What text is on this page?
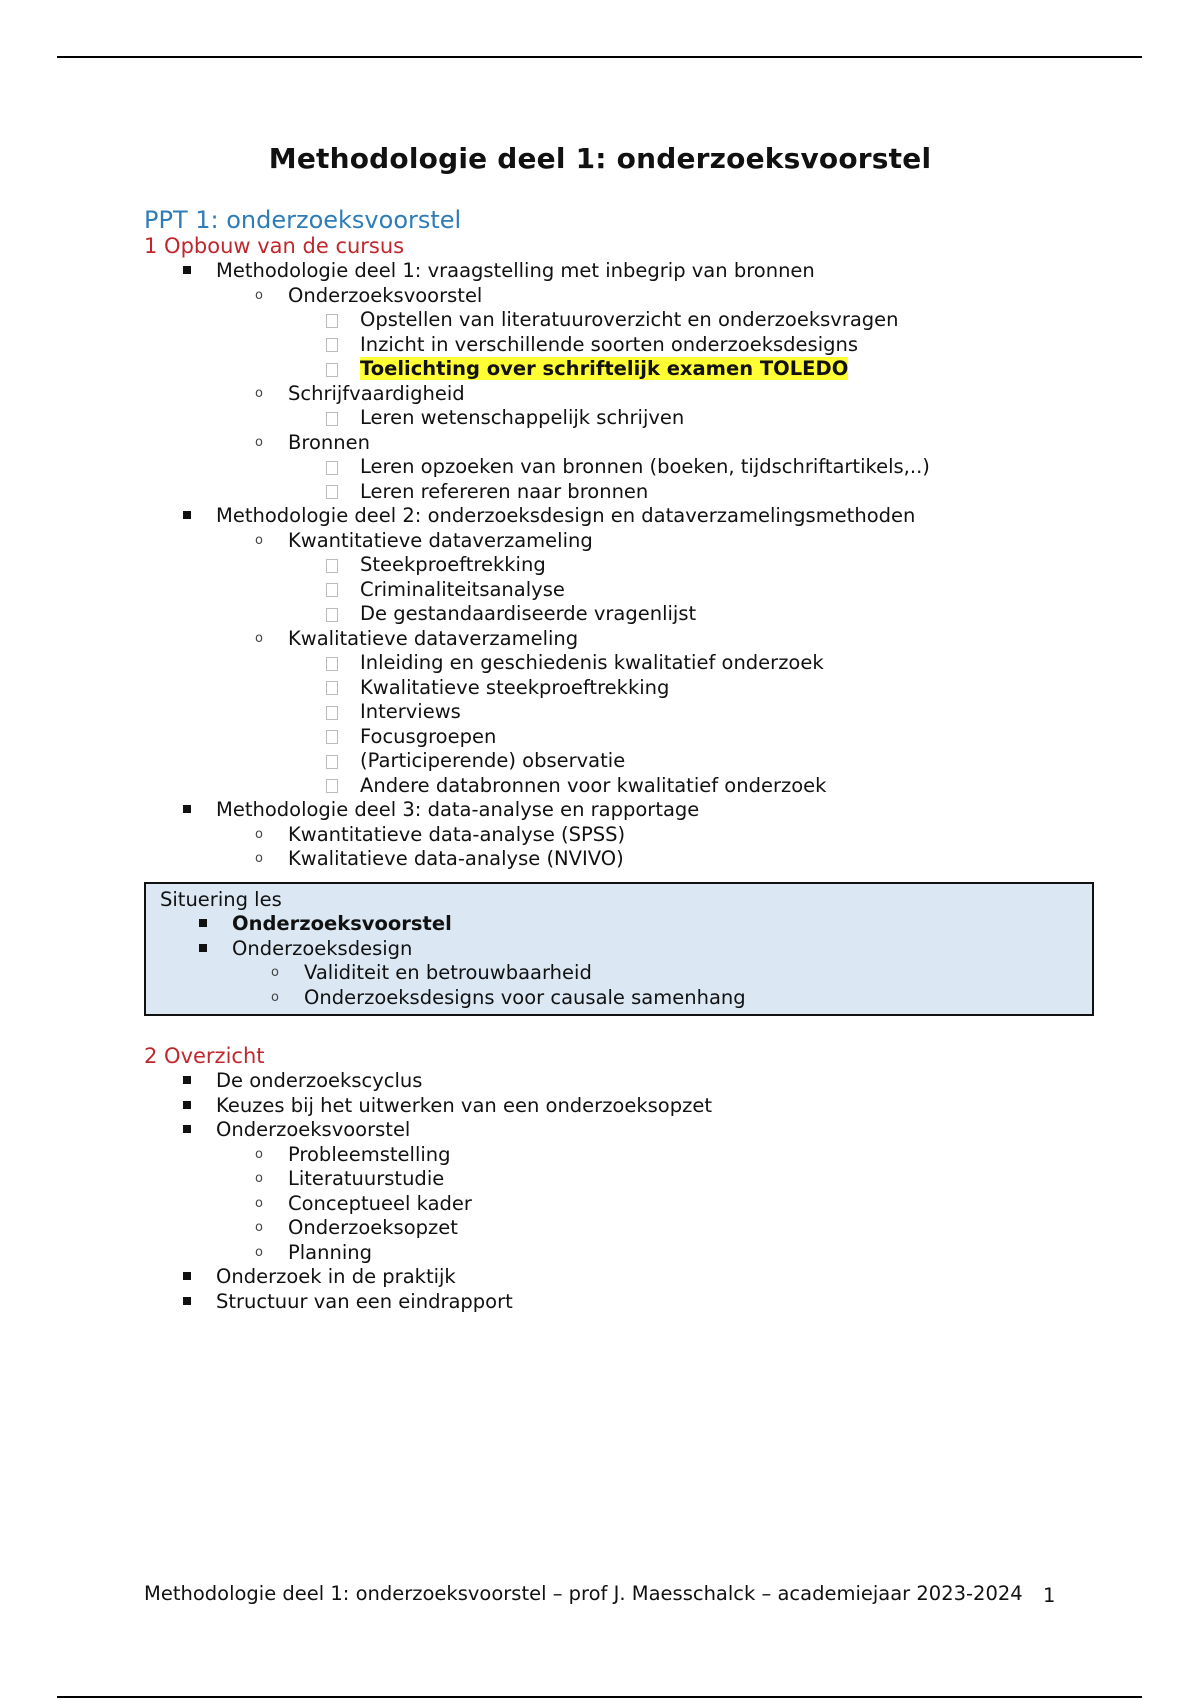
Methodologie deel 1: onderzoeksvoorstel
PPT 1: onderzoeksvoorstel
1 Opbouw van de cursus
Methodologie deel 1: vraagstelling met inbegrip van bronnen
o Onderzoeksvoorstel
Opstellen van literatuuroverzicht en onderzoeksvragen
Inzicht in verschillende soorten onderzoeksdesigns
Toelichting over schriftelijk examen TOLEDO
o Schrijfvaardigheid
Leren wetenschappelijk schrijven
o Bronnen
Leren opzoeken van bronnen (boeken, tijdschriftartikels,..)
Leren refereren naar bronnen
Methodologie deel 2: onderzoeksdesign en dataverzamelingsmethoden
o Kwantitatieve dataverzameling
Steekproeftrekking
Criminaliteitsanalyse
De gestandaardiseerde vragenlijst
o Kwalitatieve dataverzameling
Inleiding en geschiedenis kwalitatief onderzoek
Kwalitatieve steekproeftrekking
Interviews
Focusgroepen
(Participerende) observatie
Andere databronnen voor kwalitatief onderzoek
Methodologie deel 3: data-analyse en rapportage
o Kwantitatieve data-analyse (SPSS)
o Kwalitatieve data-analyse (NVIVO)
Situering les
Onderzoeksvoorstel
Onderzoeksdesign
o Validiteit en betrouwbaarheid
o Onderzoeksdesigns voor causale samenhang
2 Overzicht
De onderzoekscyclus
Keuzes bij het uitwerken van een onderzoeksopzet
Onderzoeksvoorstel
o Probleemstelling
o Literatuurstudie
o Conceptueel kader
o Onderzoeksopzet
o Planning
Onderzoek in de praktijk
Structuur van een eindrapport
Methodologie deel 1: onderzoeksvoorstel – prof J. Maesschalck – academiejaar 2023-2024 1
